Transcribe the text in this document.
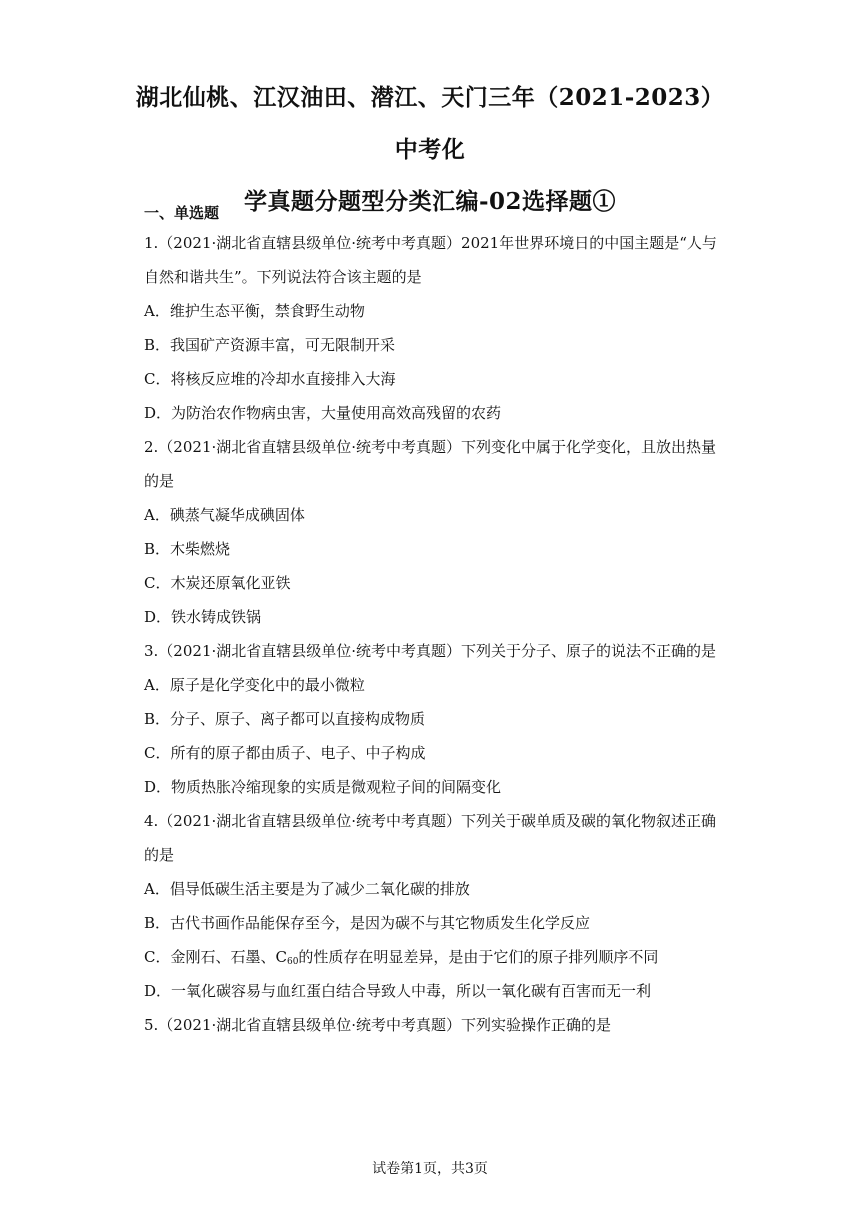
湖北仙桃、江汉油田、潜江、天门三年（2021-2023）中考化
学真题分题型分类汇编-02选择题①
一、单选题
1.（2021·湖北省直辖县级单位·统考中考真题）2021年世界环境日的中国主题是“人与
自然和谐共生”。下列说法符合该主题的是
A．维护生态平衡，禁食野生动物
B．我国矿产资源丰富，可无限制开采
C．将核反应堆的冷却水直接排入大海
D．为防治农作物病虫害，大量使用高效高残留的农药
2.（2021·湖北省直辖县级单位·统考中考真题）下列变化中属于化学变化，且放出热量
的是
A．碘蒸气凝华成碘固体
B．木柴燃烧
C．木炭还原氧化亚铁
D．铁水铸成铁锅
3.（2021·湖北省直辖县级单位·统考中考真题）下列关于分子、原子的说法不正确的是
A．原子是化学变化中的最小微粒
B．分子、原子、离子都可以直接构成物质
C．所有的原子都由质子、电子、中子构成
D．物质热胀冷缩现象的实质是微观粒子间的间隔变化
4.（2021·湖北省直辖县级单位·统考中考真题）下列关于碳单质及碳的氧化物叙述正确
的是
A．倡导低碳生活主要是为了减少二氧化碳的排放
B．古代书画作品能保存至今，是因为碳不与其它物质发生化学反应
C．金刚石、石墨、$C_{60}$的性质存在明显差异，是由于它们的原子排列顺序不同
D．一氧化碳容易与血红蛋白结合导致人中毒，所以一氧化碳有百害而无一利
5.（2021·湖北省直辖县级单位·统考中考真题）下列实验操作正确的是
试卷第1页，共3页
